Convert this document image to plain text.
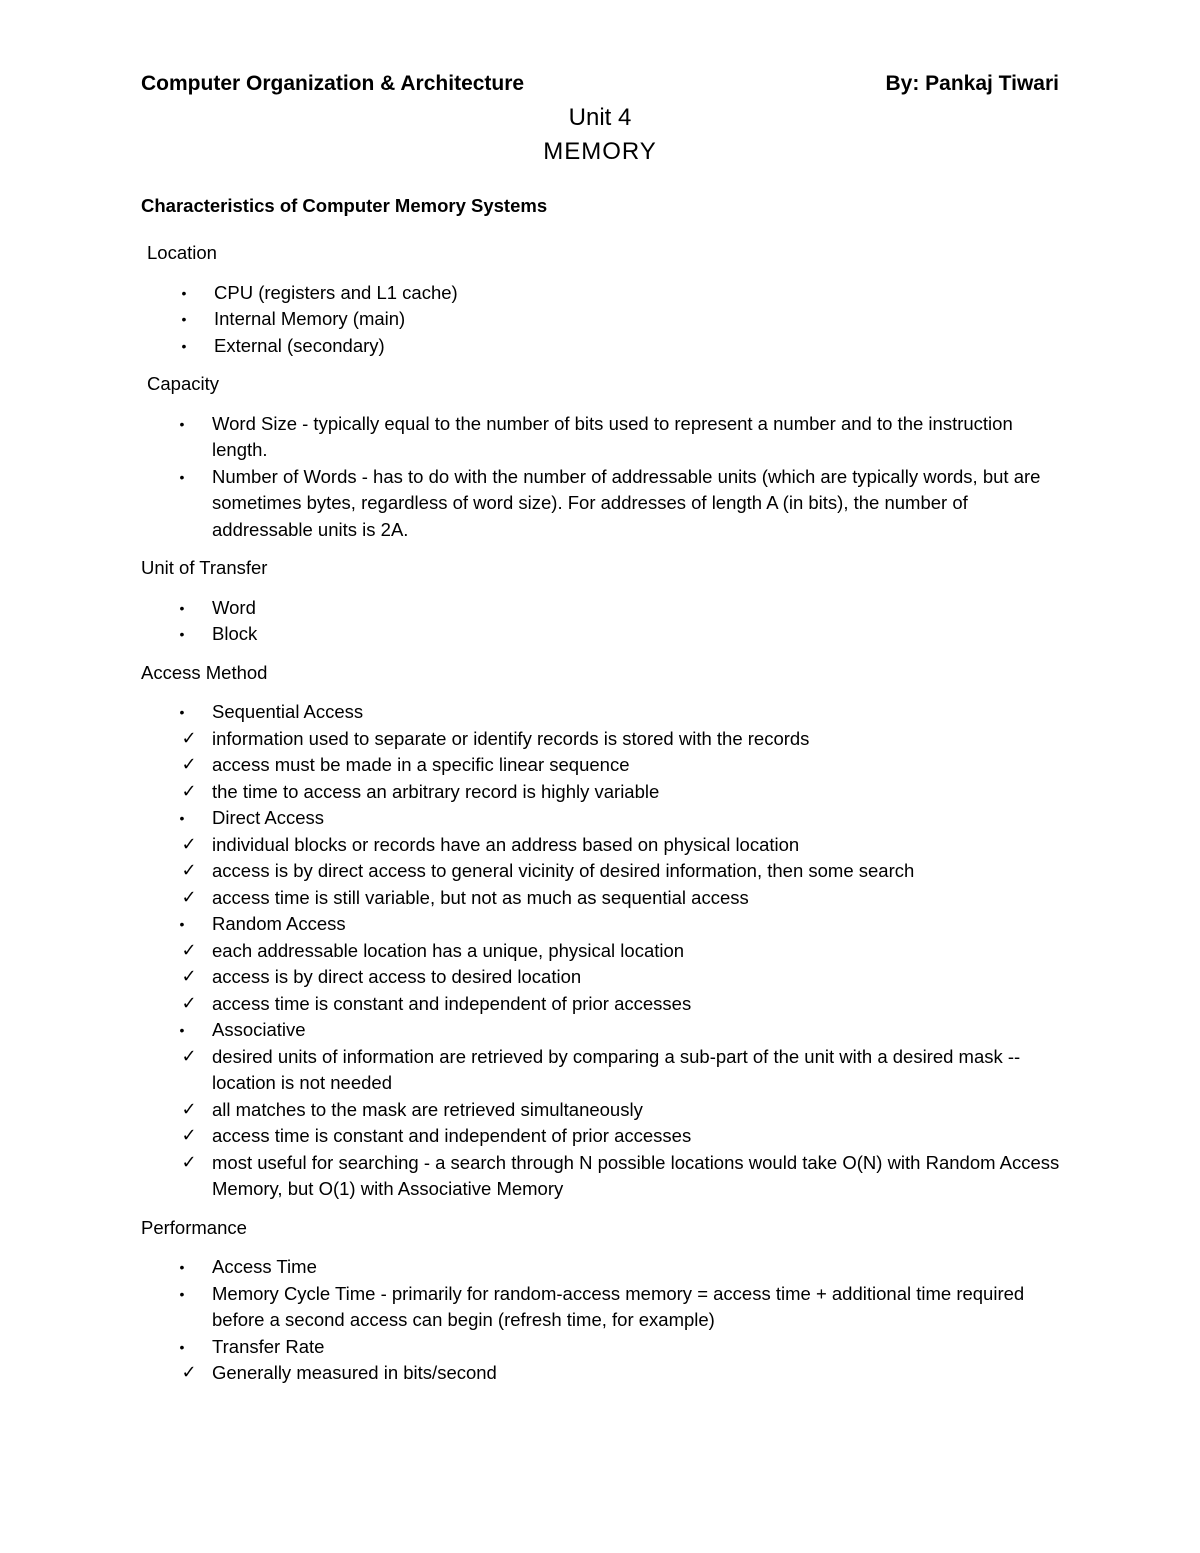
Computer Organization & Architecture	By: Pankaj Tiwari
Unit 4
MEMORY
Characteristics of Computer Memory Systems

Location

•	CPU (registers and L1 cache)
•	Internal Memory (main)
•	External (secondary)

Capacity

•	Word Size - typically equal to the number of bits used to represent a number and to the instruction length.
•	Number of Words - has to do with the number of addressable units (which are typically words, but are sometimes bytes, regardless of word size). For addresses of length A (in bits), the number of addressable units is 2A.

Unit of Transfer

•	Word
•	Block

Access Method

•	Sequential Access
✓ information used to separate or identify records is stored with the records
✓ access must be made in a specific linear sequence
✓ the time to access an arbitrary record is highly variable
•	Direct Access
✓ individual blocks or records have an address based on physical location
✓ access is by direct access to general vicinity of desired information, then some search
✓ access time is still variable, but not as much as sequential access
•	Random Access
✓ each addressable location has a unique, physical location
✓ access is by direct access to desired location
✓ access time is constant and independent of prior accesses
•	Associative
✓ desired units of information are retrieved by comparing a sub-part of the unit with a desired mask -- location is not needed
✓ all matches to the mask are retrieved simultaneously
✓ access time is constant and independent of prior accesses
✓ most useful for searching - a search through N possible locations would take O(N) with Random Access Memory, but O(1) with Associative Memory

Performance

•	Access Time
•	Memory Cycle Time - primarily for random-access memory = access time + additional time required before a second access can begin (refresh time, for example)
•	Transfer Rate
✓ Generally measured in bits/second
